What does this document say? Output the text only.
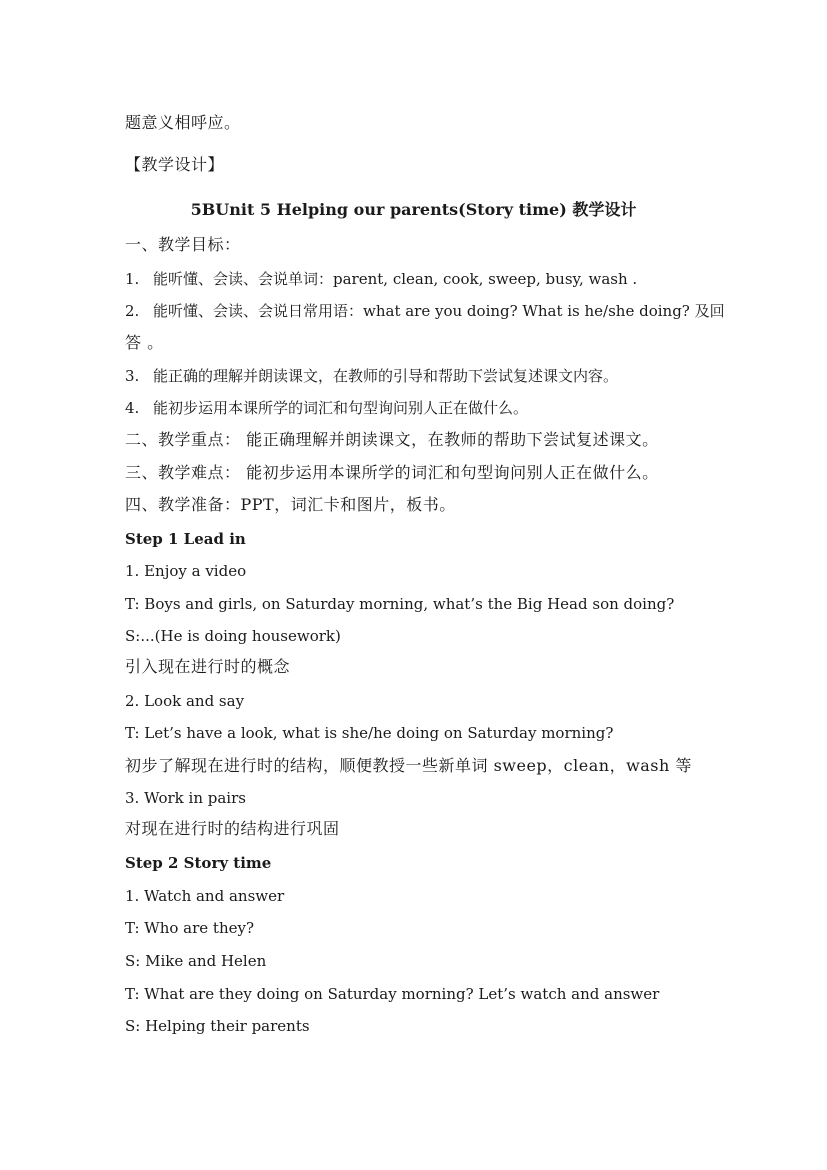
题意义相呼应。
【教学设计】
5BUnit 5 Helping our parents(Story time) 教学设计
一、教学目标：
1. 能听懂、会读、会说单词：parent, clean, cook, sweep, busy, wash .
2. 能听懂、会读、会说日常用语：what are you doing? What is he/she doing? 及回
答 。
3. 能正确的理解并朗读课文，在教师的引导和帮助下尝试复述课文内容。
4. 能初步运用本课所学的词汇和句型询问别人正在做什么。
二、教学重点： 能正确理解并朗读课文，在教师的帮助下尝试复述课文。
三、教学难点： 能初步运用本课所学的词汇和句型询问别人正在做什么。
四、教学准备：PPT，词汇卡和图片，板书。
Step 1 Lead in
1. Enjoy a video
T: Boys and girls, on Saturday morning, what’s the Big Head son doing?
S:...(He is doing housework)
引入现在进行时的概念
2. Look and say
T: Let’s have a look, what is she/he doing on Saturday morning?
初步了解现在进行时的结构，顺便教授一些新单词 sweep，clean，wash 等
3. Work in pairs
对现在进行时的结构进行巩固
Step 2 Story time
1. Watch and answer
T: Who are they?
S: Mike and Helen
T: What are they doing on Saturday morning? Let’s watch and answer
S: Helping their parents
